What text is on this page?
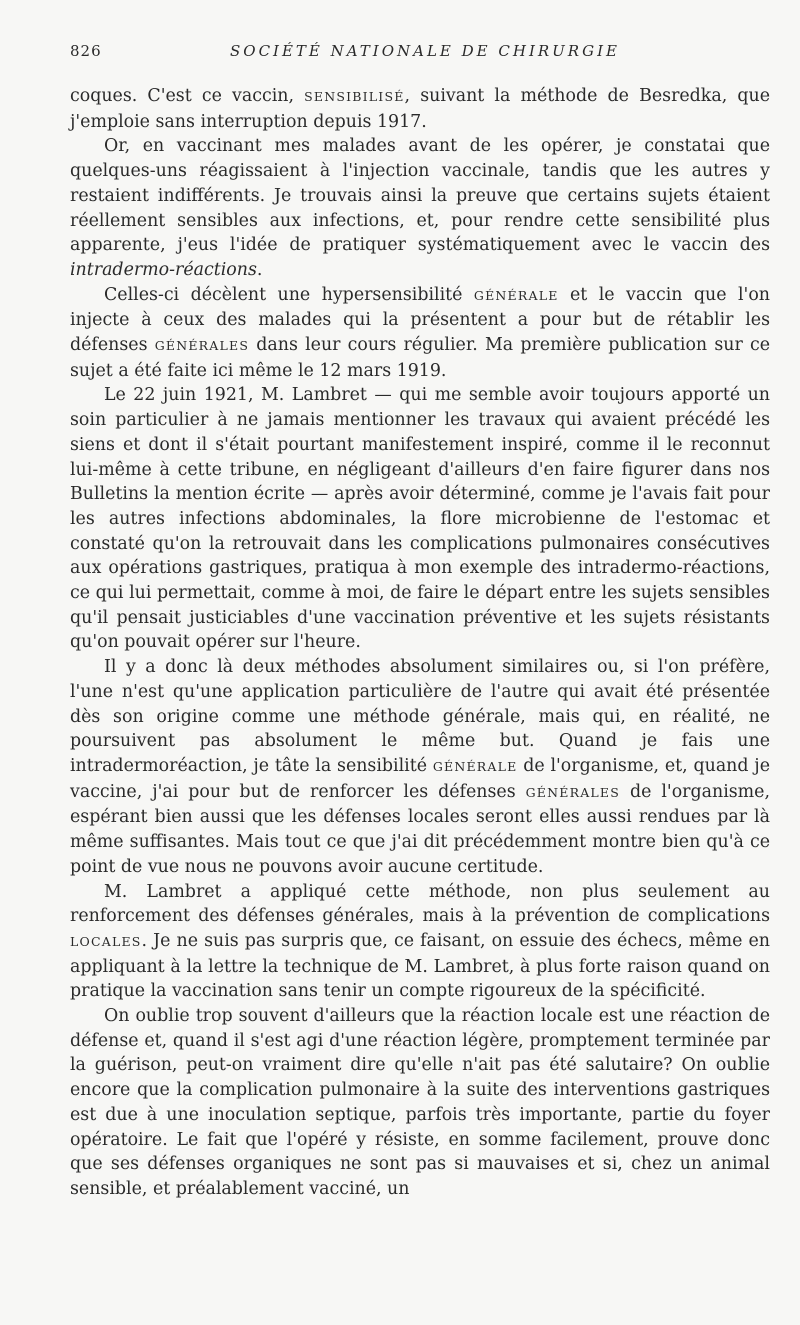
826	SOCIÉTÉ NATIONALE DE CHIRURGIE

coques. C'est ce vaccin, SENSIBILISÉ, suivant la méthode de Besredka, que j'emploie sans interruption depuis 1917.

Or, en vaccinant mes malades avant de les opérer, je constatai que quelques-uns réagissaient à l'injection vaccinale, tandis que les autres y restaient indifférents. Je trouvais ainsi la preuve que certains sujets étaient réellement sensibles aux infections, et, pour rendre cette sensibilité plus apparente, j'eus l'idée de pratiquer systématiquement avec le vaccin des intradermo-réactions.

Celles-ci décèlent une hypersensibilité GÉNÉRALE et le vaccin que l'on injecte à ceux des malades qui la présentent a pour but de rétablir les défenses GÉNÉRALES dans leur cours régulier. Ma première publication sur ce sujet a été faite ici même le 12 mars 1919.

Le 22 juin 1921, M. Lambret — qui me semble avoir toujours apporté un soin particulier à ne jamais mentionner les travaux qui avaient précédé les siens et dont il s'était pourtant manifestement inspiré, comme il le reconnut lui-même à cette tribune, en négligeant d'ailleurs d'en faire figurer dans nos Bulletins la mention écrite — après avoir déterminé, comme je l'avais fait pour les autres infections abdominales, la flore microbienne de l'estomac et constaté qu'on la retrouvait dans les complications pulmonaires consécutives aux opérations gastriques, pratiqua à mon exemple des intradermo-réactions, ce qui lui permettait, comme à moi, de faire le départ entre les sujets sensibles qu'il pensait justiciables d'une vaccination préventive et les sujets résistants qu'on pouvait opérer sur l'heure.

Il y a donc là deux méthodes absolument similaires ou, si l'on préfère, l'une n'est qu'une application particulière de l'autre qui avait été présentée dès son origine comme une méthode générale, mais qui, en réalité, ne poursuivent pas absolument le même but. Quand je fais une intradermoréaction, je tâte la sensibilité GÉNÉRALE de l'organisme, et, quand je vaccine, j'ai pour but de renforcer les défenses GÉNÉRALES de l'organisme, espérant bien aussi que les défenses locales seront elles aussi rendues par là même suffisantes. Mais tout ce que j'ai dit précédemment montre bien qu'à ce point de vue nous ne pouvons avoir aucune certitude.

M. Lambret a appliqué cette méthode, non plus seulement au renforcement des défenses générales, mais à la prévention de complications LOCALES. Je ne suis pas surpris que, ce faisant, on essuie des échecs, même en appliquant à la lettre la technique de M. Lambret, à plus forte raison quand on pratique la vaccination sans tenir un compte rigoureux de la spécificité.

On oublie trop souvent d'ailleurs que la réaction locale est une réaction de défense et, quand il s'est agi d'une réaction légère, promptement terminée par la guérison, peut-on vraiment dire qu'elle n'ait pas été salutaire? On oublie encore que la complication pulmonaire à la suite des interventions gastriques est due à une inoculation septique, parfois très importante, partie du foyer opératoire. Le fait que l'opéré y résiste, en somme facilement, prouve donc que ses défenses organiques ne sont pas si mauvaises et si, chez un animal sensible, et préalablement vacciné, un
